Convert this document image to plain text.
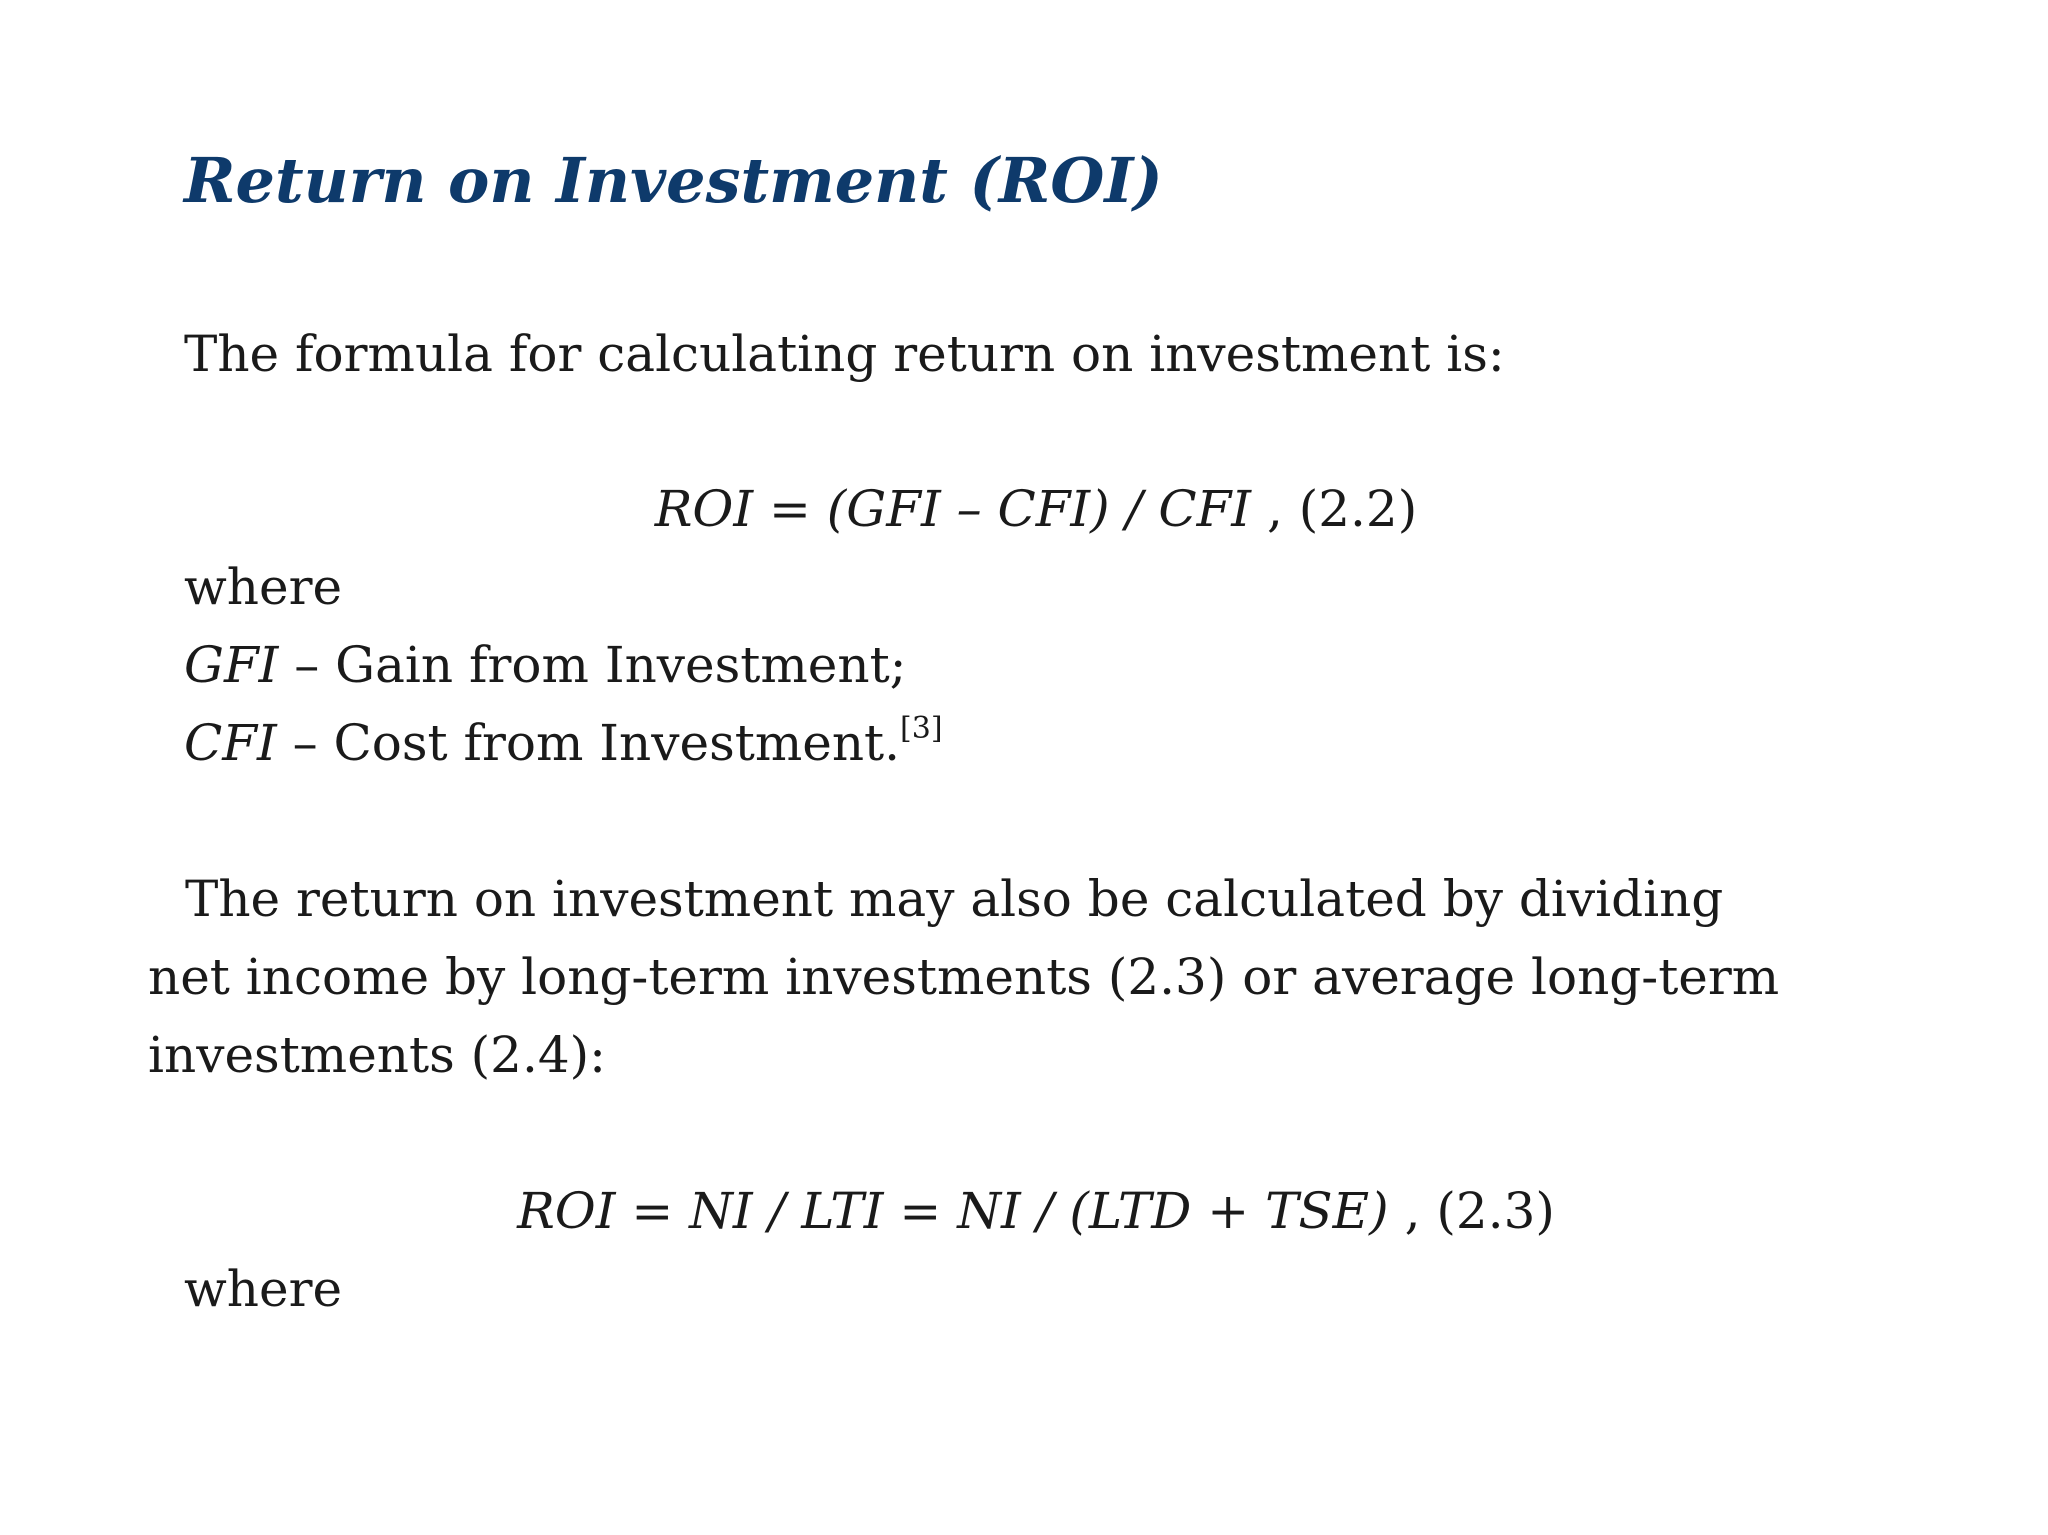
Return on Investment (ROI)

The formula for calculating return on investment is:

ROI = (GFI – CFI) / CFI , (2.2)

where

GFI – Gain from Investment;

CFI – Cost from Investment.[3]

The return on investment may also be calculated by dividing net income by long-term investments (2.3) or average long-term investments (2.4):

ROI = NI / LTI = NI / (LTD + TSE) , (2.3)

where
